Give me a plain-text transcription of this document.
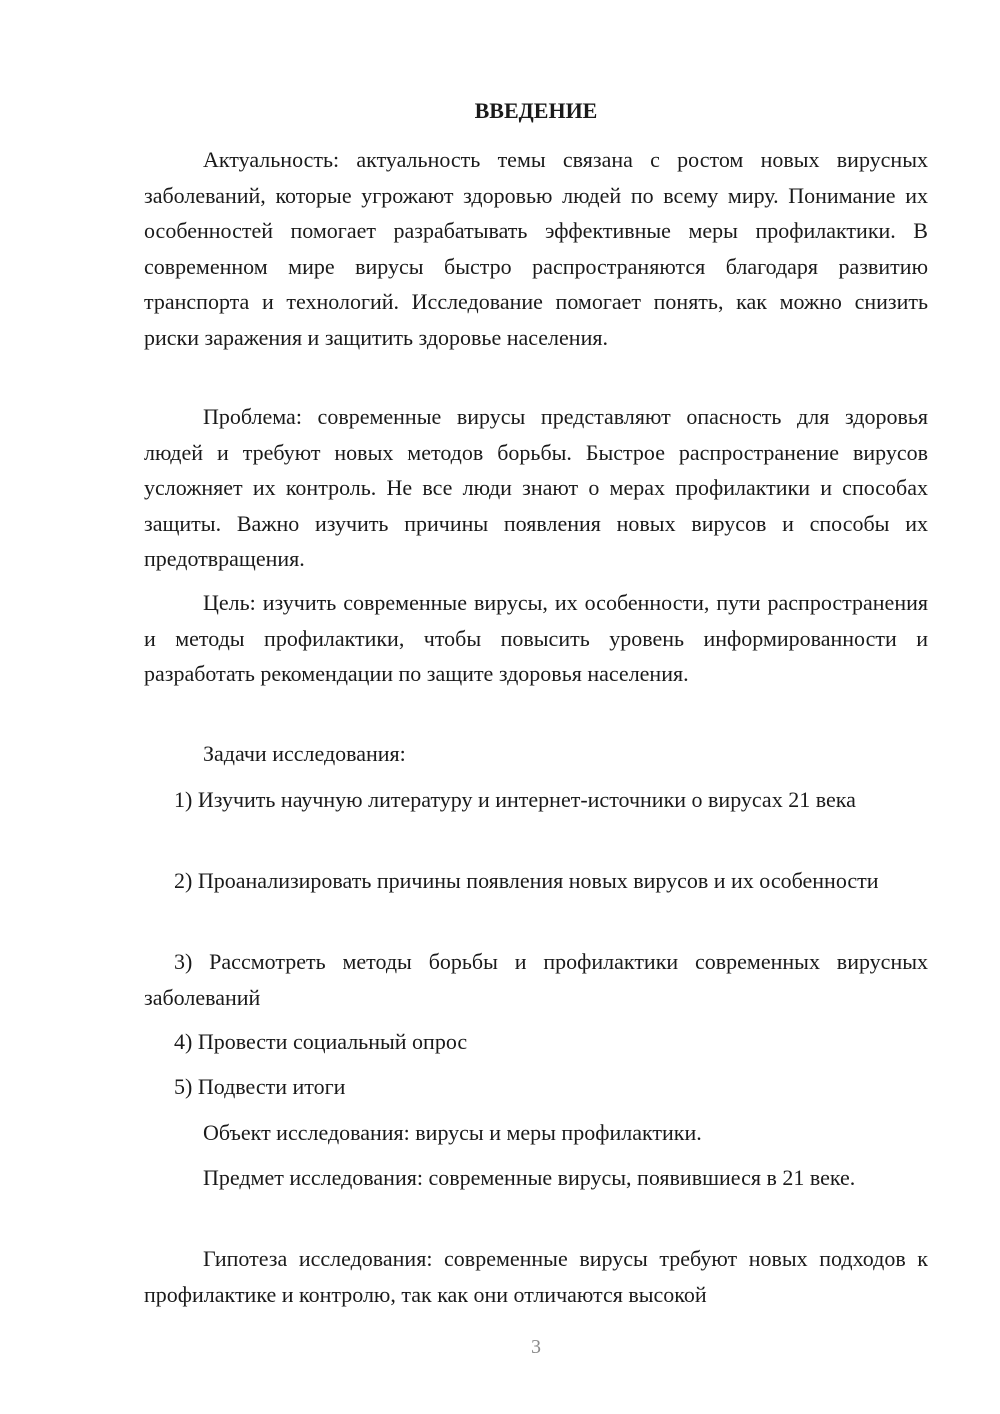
ВВЕДЕНИЕ

Актуальность: актуальность темы связана с ростом новых вирусных заболеваний, которые угрожают здоровью людей по всему миру. Понимание их особенностей помогает разрабатывать эффективные меры профилактики. В современном мире вирусы быстро распространяются благодаря развитию транспорта и технологий. Исследование помогает понять, как можно снизить риски заражения и защитить здоровье населения.

Проблема: современные вирусы представляют опасность для здоровья людей и требуют новых методов борьбы. Быстрое распространение вирусов усложняет их контроль. Не все люди знают о мерах профилактики и способах защиты. Важно изучить причины появления новых вирусов и способы их предотвращения.

Цель: изучить современные вирусы, их особенности, пути распространения и методы профилактики, чтобы повысить уровень информированности и разработать рекомендации по защите здоровья населения.

Задачи исследования:

1) Изучить научную литературу и интернет-источники о вирусах 21 века

2) Проанализировать причины появления новых вирусов и их особенности

3) Рассмотреть методы борьбы и профилактики современных вирусных заболеваний

4) Провести социальный опрос

5) Подвести итоги

Объект исследования: вирусы и меры профилактики.

Предмет исследования: современные вирусы, появившиеся в 21 веке.

Гипотеза исследования: современные вирусы требуют новых подходов к профилактике и контролю, так как они отличаются высокой

3
